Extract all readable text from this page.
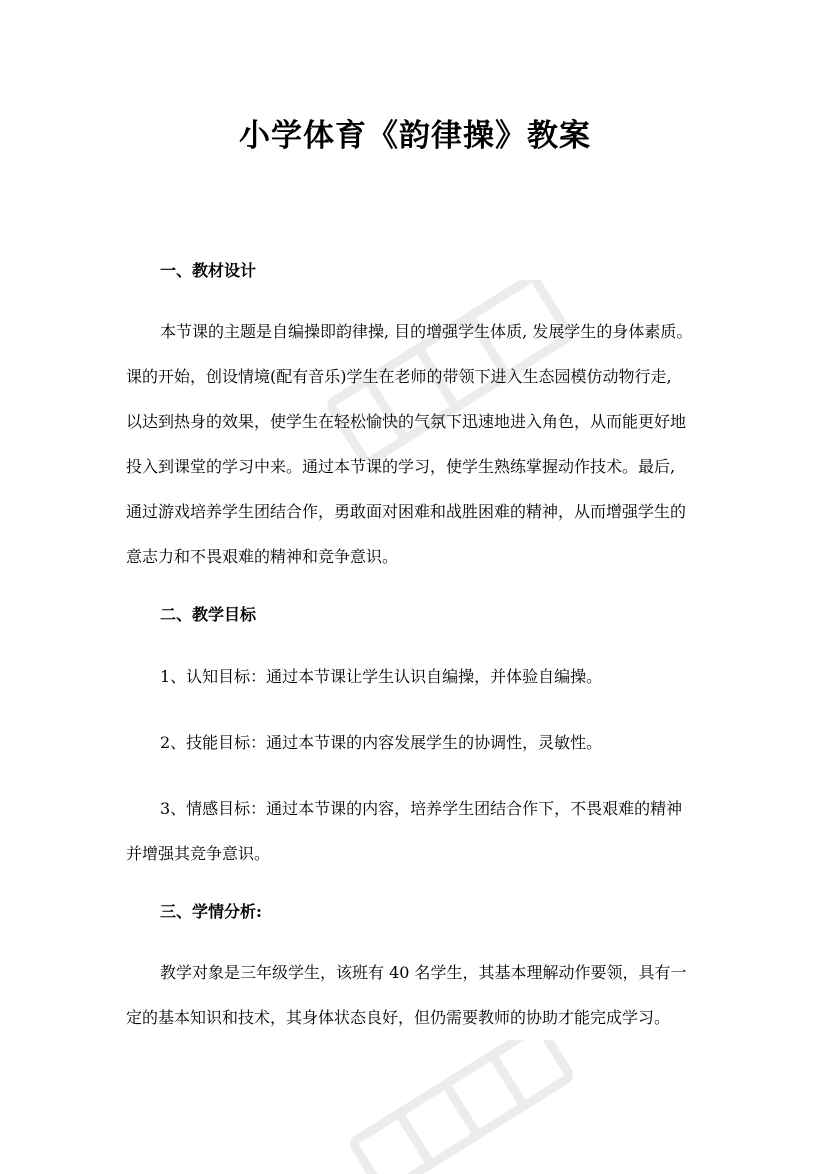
小学体育《韵律操》教案
一、教材设计
本节课的主题是自编操即韵律操, 目的增强学生体质, 发展学生的身体素质。
课的开始，创设情境(配有音乐)学生在老师的带领下进入生态园模仿动物行走,
以达到热身的效果，使学生在轻松愉快的气氛下迅速地进入角色，从而能更好地
投入到课堂的学习中来。通过本节课的学习，使学生熟练掌握动作技术。最后,
通过游戏培养学生团结合作，勇敢面对困难和战胜困难的精神，从而增强学生的
意志力和不畏艰难的精神和竞争意识。
二、教学目标
1、认知目标：通过本节课让学生认识自编操，并体验自编操。
2、技能目标：通过本节课的内容发展学生的协调性，灵敏性。
3、情感目标：通过本节课的内容，培养学生团结合作下，不畏艰难的精神
并增强其竞争意识。
三、学情分析:
教学对象是三年级学生，该班有 40 名学生，其基本理解动作要领，具有一
定的基本知识和技术，其身体状态良好，但仍需要教师的协助才能完成学习。
